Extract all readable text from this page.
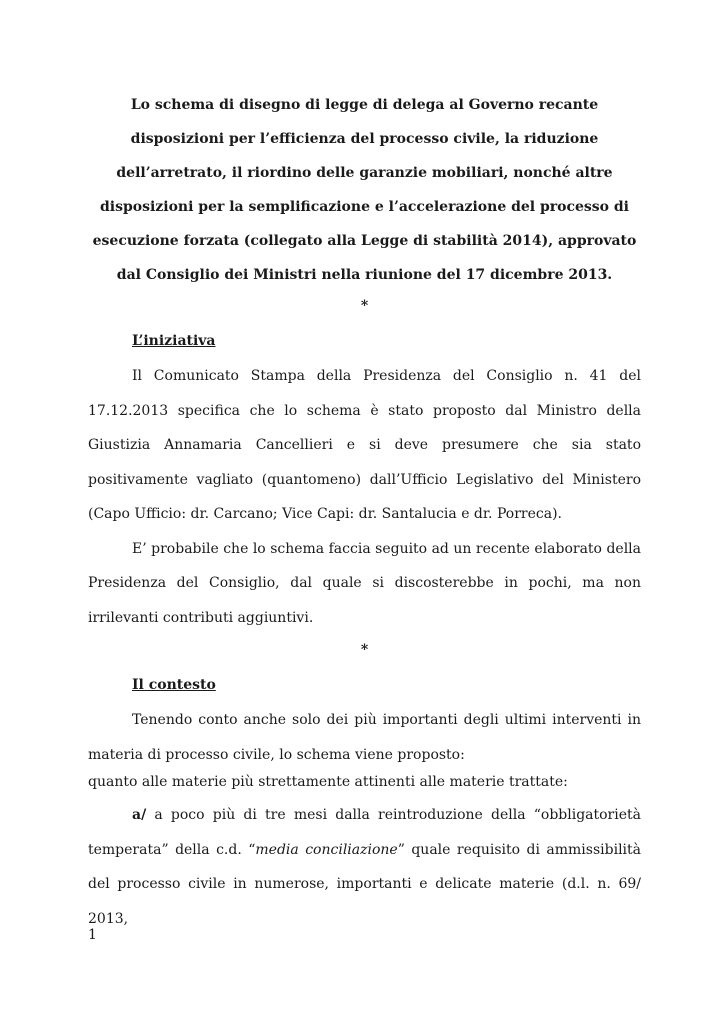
Lo schema di disegno di legge di delega al Governo recante disposizioni per l’efficienza del processo civile, la riduzione dell’arretrato, il riordino delle garanzie mobiliari, nonché altre disposizioni per la semplificazione e l’accelerazione del processo di esecuzione forzata (collegato alla Legge di stabilità 2014), approvato dal Consiglio dei Ministri nella riunione del 17 dicembre 2013.

*

L’iniziativa

Il Comunicato Stampa della Presidenza del Consiglio n. 41 del 17.12.2013 specifica che lo schema è stato proposto dal Ministro della Giustizia Annamaria Cancellieri e si deve presumere che sia stato positivamente vagliato (quantomeno) dall’Ufficio Legislativo del Ministero (Capo Ufficio: dr. Carcano; Vice Capi: dr. Santalucia e dr. Porreca).

E’ probabile che lo schema faccia seguito ad un recente elaborato della Presidenza del Consiglio, dal quale si discosterebbe in pochi, ma non irrilevanti contributi aggiuntivi.

*

Il contesto

Tenendo conto anche solo dei più importanti degli ultimi interventi in materia di processo civile, lo schema viene proposto:

quanto alle materie più strettamente attinenti alle materie trattate:

a/ a poco più di tre mesi dalla reintroduzione della “obbligatorietà temperata” della c.d. “media conciliazione” quale requisito di ammissibilità del processo civile in numerose, importanti e delicate materie (d.l. n. 69/ 2013,

1
